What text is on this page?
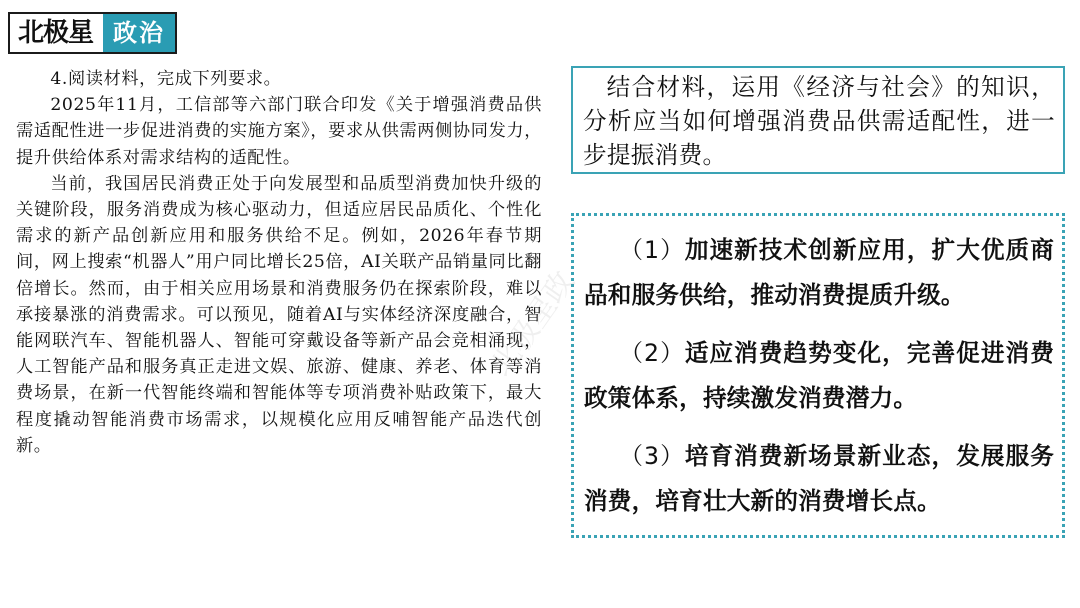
北极星 政治

4.阅读材料，完成下列要求。

2025年11月，工信部等六部门联合印发《关于增强消费品供需适配性进一步促进消费的实施方案》，要求从供需两侧协同发力，提升供给体系对需求结构的适配性。

当前，我国居民消费正处于向发展型和品质型消费加快升级的关键阶段，服务消费成为核心驱动力，但适应居民品质化、个性化需求的新产品创新应用和服务供给不足。例如，2026年春节期间，网上搜索“机器人”用户同比增长25倍，AI关联产品销量同比翻倍增长。然而，由于相关应用场景和消费服务仍在探索阶段，难以承接暴涨的消费需求。可以预见，随着AI与实体经济深度融合，智能网联汽车、智能机器人、智能可穿戴设备等新产品会竞相涌现，人工智能产品和服务真正走进文娱、旅游、健康、养老、体育等消费场景，在新一代智能终端和智能体等专项消费补贴政策下，最大程度撬动智能消费市场需求，以规模化应用反哺智能产品迭代创新。

结合材料，运用《经济与社会》的知识，分析应当如何增强消费品供需适配性，进一步提振消费。

（1）加速新技术创新应用，扩大优质商品和服务供给，推动消费提质升级。

（2）适应消费趋势变化，完善促进消费政策体系，持续激发消费潜力。

（3）培育消费新场景新业态，发展服务消费，培育壮大新的消费增长点。

北极星政
